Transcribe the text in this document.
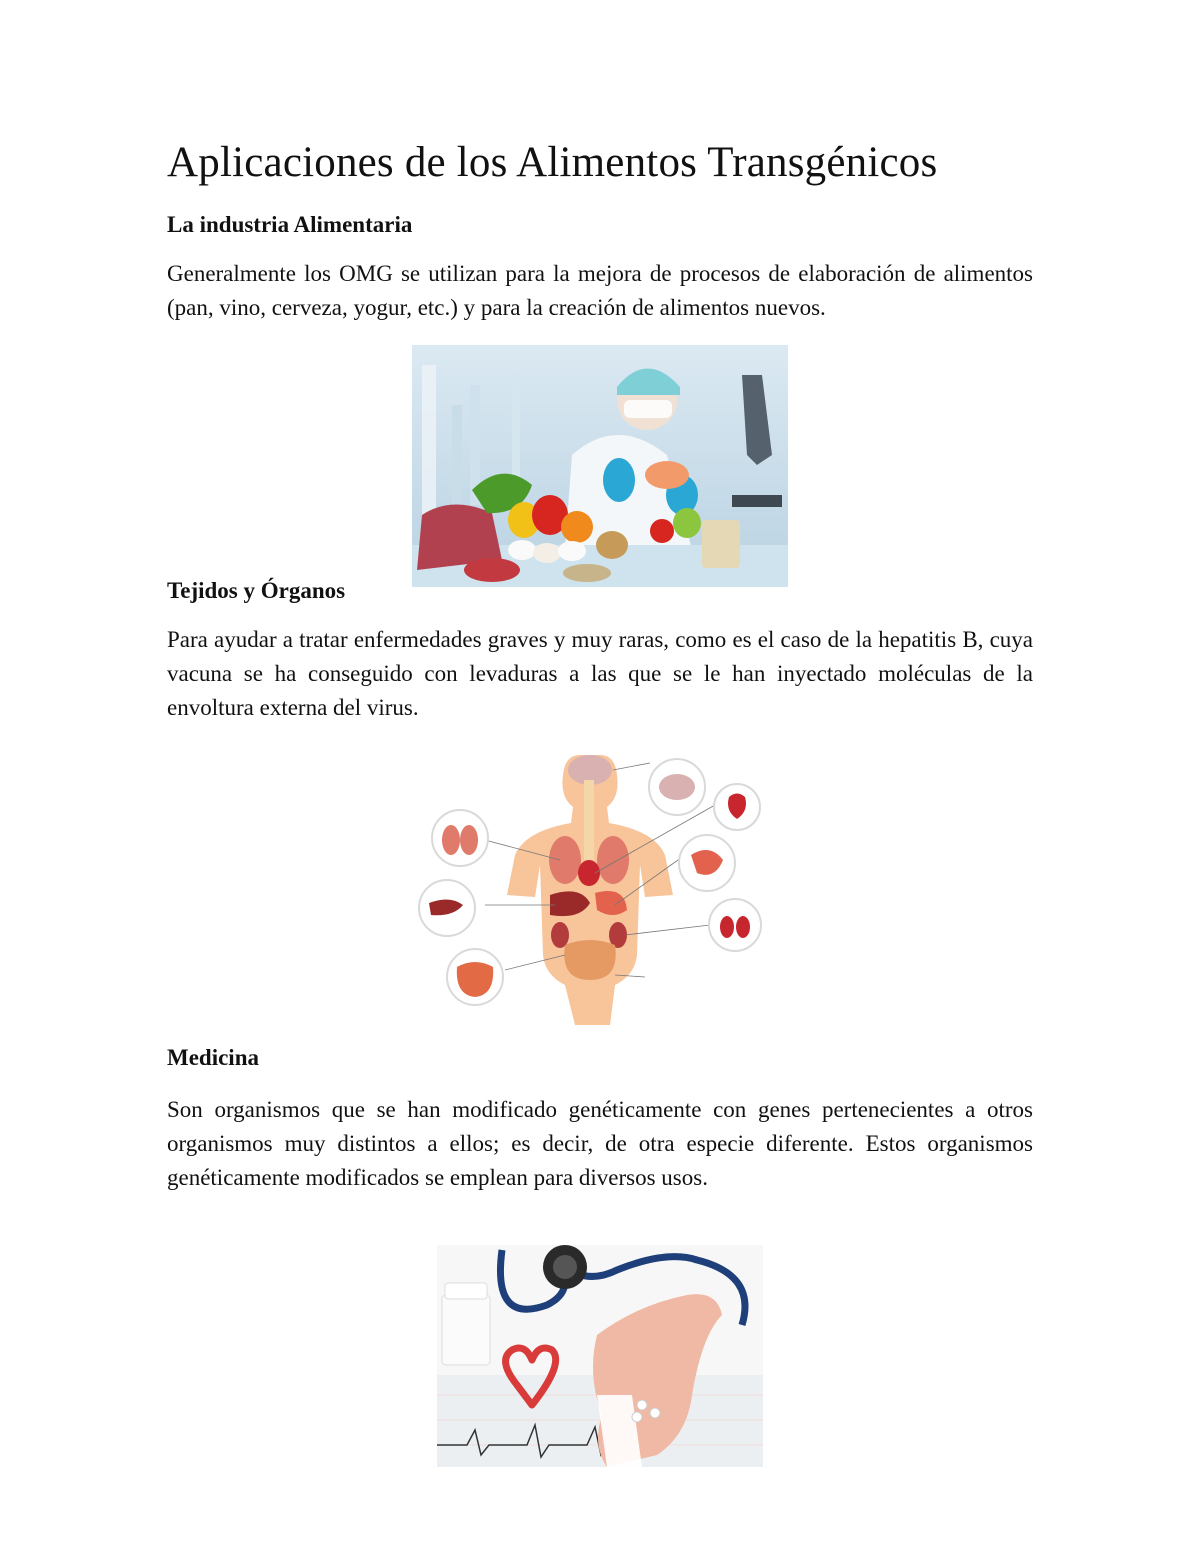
Aplicaciones de los Alimentos Transgénicos
La industria Alimentaria

Generalmente los OMG se utilizan para la mejora de procesos de elaboración de alimentos (pan, vino, cerveza, yogur, etc.) y para la creación de alimentos nuevos.

Tejidos y Órganos

Para ayudar a tratar enfermedades graves y muy raras, como es el caso de la hepatitis B, cuya vacuna se ha conseguido con levaduras a las que se le han inyectado moléculas de la envoltura externa del virus.

Medicina

Son organismos que se han modificado genéticamente con genes pertenecientes a otros organismos muy distintos a ellos; es decir, de otra especie diferente. Estos organismos genéticamente modificados se emplean para diversos usos.
